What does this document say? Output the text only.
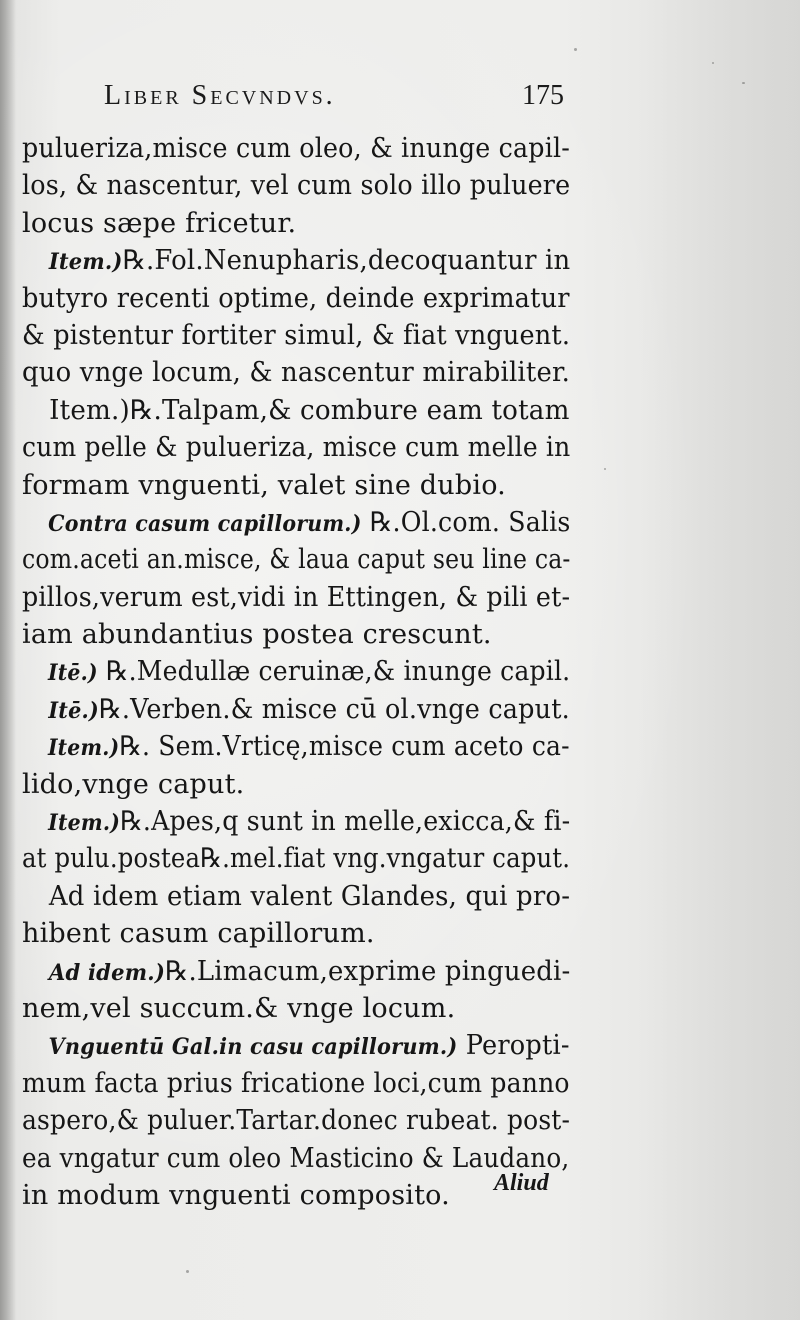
Liber Secvndvs.	175
pulueriza,misce cum oleo, & inunge capil-
los, & nascentur, vel cum solo illo puluere
locus sæpe fricetur.
Item.)℞.Fol.Nenupharis,decoquantur in
butyro recenti optime, deinde exprimatur
& pistentur fortiter simul, & fiat vnguent.
quo vnge locum, & nascentur mirabiliter.
Item.)℞.Talpam,& combure eam totam
cum pelle & pulueriza, misce cum melle in
formam vnguenti, valet sine dubio.
Contra casum capillorum.) ℞.Ol.com. Salis
com.aceti an.misce, & laua caput seu line ca-
pillos,verum est,vidi in Ettingen, & pili et-
iam abundantius postea crescunt.
Itē.) ℞.Medullæ ceruinæ,& inunge capil.
Itē.)℞.Verben.& misce cū ol.vnge caput.
Item.)℞. Sem.Vrticę,misce cum aceto ca-
lido,vnge caput.
Item.)℞.Apes,q sunt in melle,exicca,& fi-
at pulu.postea℞.mel.fiat vng.vngatur caput.
Ad idem etiam valent Glandes, qui pro-
hibent casum capillorum.
Ad idem.)℞.Limacum,exprime pinguedi-
nem,vel succum.& vnge locum.
Vnguentū Gal.in casu capillorum.) Peropti-
mum facta prius fricatione loci,cum panno
aspero,& puluer.Tartar.donec rubeat. post-
ea vngatur cum oleo Masticino & Laudano,
in modum vnguenti composito.	Aliud
